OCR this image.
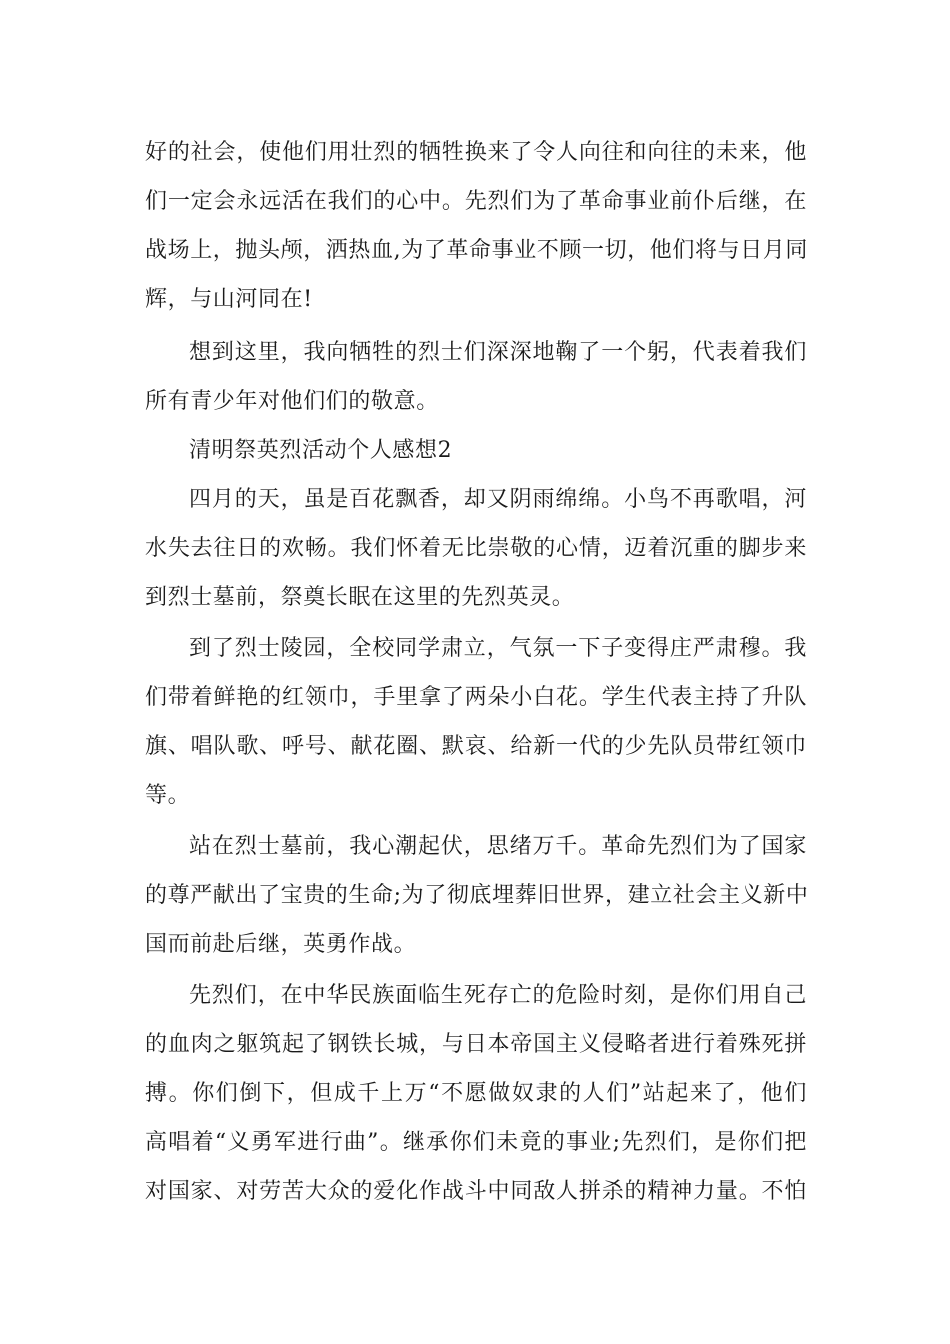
好的社会，使他们用壮烈的牺牲换来了令人向往和向往的未来，他
们一定会永远活在我们的心中。先烈们为了革命事业前仆后继，在
战场上，抛头颅，洒热血,为了革命事业不顾一切，他们将与日月同
辉，与山河同在!
想到这里，我向牺牲的烈士们深深地鞠了一个躬，代表着我们
所有青少年对他们们的敬意。
清明祭英烈活动个人感想2
四月的天，虽是百花飘香，却又阴雨绵绵。小鸟不再歌唱，河
水失去往日的欢畅。我们怀着无比崇敬的心情，迈着沉重的脚步来
到烈士墓前，祭奠长眠在这里的先烈英灵。
到了烈士陵园，全校同学肃立，气氛一下子变得庄严肃穆。我
们带着鲜艳的红领巾，手里拿了两朵小白花。学生代表主持了升队
旗、唱队歌、呼号、献花圈、默哀、给新一代的少先队员带红领巾
等。
站在烈士墓前，我心潮起伏，思绪万千。革命先烈们为了国家
的尊严献出了宝贵的生命;为了彻底埋葬旧世界，建立社会主义新中
国而前赴后继，英勇作战。
先烈们，在中华民族面临生死存亡的危险时刻，是你们用自己
的血肉之躯筑起了钢铁长城，与日本帝国主义侵略者进行着殊死拼
搏。你们倒下，但成千上万“不愿做奴隶的人们”站起来了，他们
高唱着“义勇军进行曲”。继承你们未竟的事业;先烈们，是你们把
对国家、对劳苦大众的爱化作战斗中同敌人拼杀的精神力量。不怕
